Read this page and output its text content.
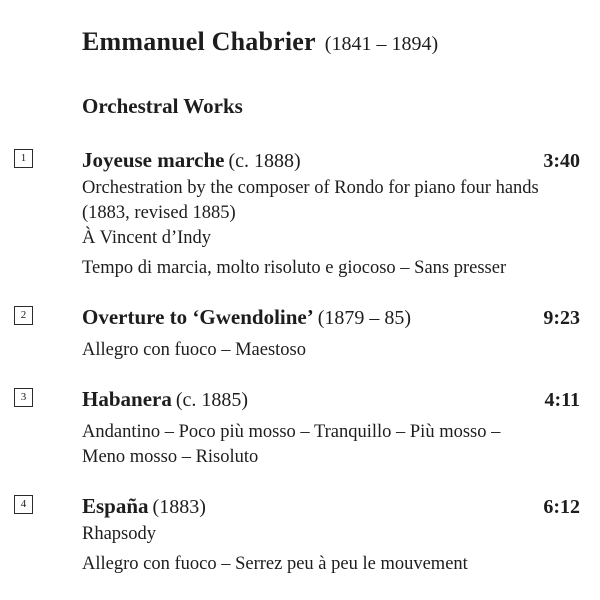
Emmanuel Chabrier (1841 – 1894)
Orchestral Works
1	Joyeuse marche (c. 1888)	3:40
Orchestration by the composer of Rondo for piano four hands
(1883, revised 1885)
À Vincent d’Indy
Tempo di marcia, molto risoluto e giocoso – Sans presser
2	Overture to ‘Gwendoline’ (1879 – 85)	9:23
Allegro con fuoco – Maestoso
3	Habanera (c. 1885)	4:11
Andantino – Poco più mosso – Tranquillo – Più mosso –
Meno mosso – Risoluto
4	España (1883)	6:12
Rhapsody
Allegro con fuoco – Serrez peu à peu le mouvement
